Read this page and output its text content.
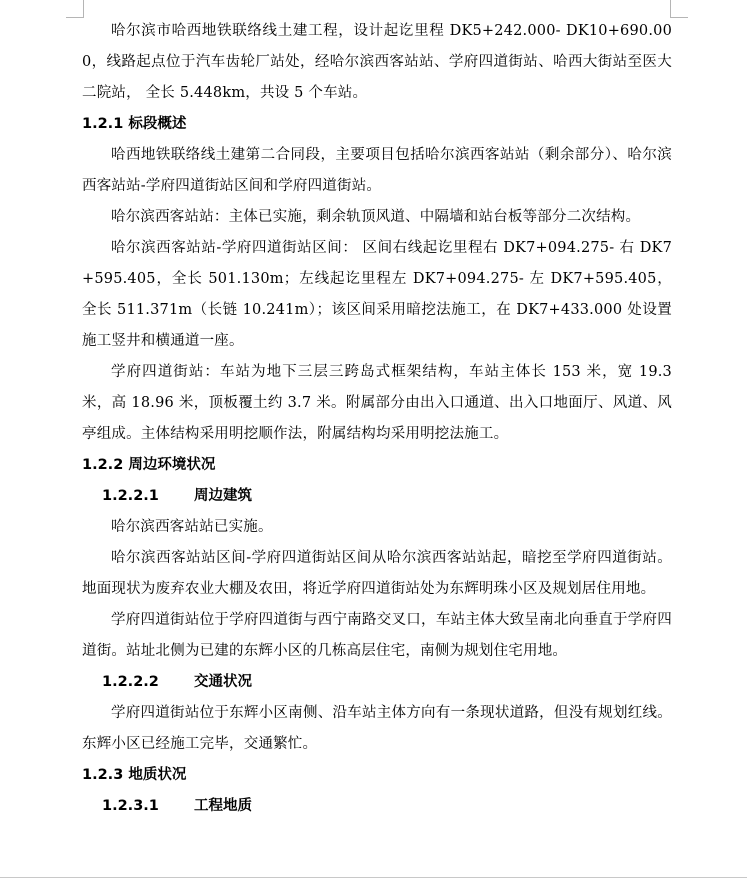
哈尔滨市哈西地铁联络线土建工程，设计起讫里程 DK5+242.000- DK10+690.000，线路起点位于汽车齿轮厂站处，经哈尔滨西客站站、学府四道街站、哈西大街站至医大二院站， 全长 5.448km，共设 5 个车站。

1.2.1 标段概述

哈西地铁联络线土建第二合同段，主要项目包括哈尔滨西客站站（剩余部分）、哈尔滨西客站站-学府四道街站区间和学府四道街站。

哈尔滨西客站站：主体已实施，剩余轨顶风道、中隔墙和站台板等部分二次结构。

哈尔滨西客站站-学府四道街站区间： 区间右线起讫里程右 DK7+094.275- 右 DK7+595.405，全长 501.130m；左线起讫里程左 DK7+094.275- 左 DK7+595.405，全长 511.371m（长链 10.241m）；该区间采用暗挖法施工，在 DK7+433.000 处设置施工竖井和横通道一座。

学府四道街站：车站为地下三层三跨岛式框架结构，车站主体长 153 米，宽 19.3 米，高 18.96 米，顶板覆土约 3.7 米。附属部分由出入口通道、出入口地面厅、风道、风亭组成。主体结构采用明挖顺作法，附属结构均采用明挖法施工。

1.2.2 周边环境状况

1.2.2.1 周边建筑

哈尔滨西客站站已实施。

哈尔滨西客站站区间-学府四道街站区间从哈尔滨西客站站起，暗挖至学府四道街站。地面现状为废弃农业大棚及农田，将近学府四道街站处为东辉明珠小区及规划居住用地。

学府四道街站位于学府四道街与西宁南路交叉口，车站主体大致呈南北向垂直于学府四道街。站址北侧为已建的东辉小区的几栋高层住宅，南侧为规划住宅用地。

1.2.2.2 交通状况

学府四道街站位于东辉小区南侧、沿车站主体方向有一条现状道路，但没有规划红线。东辉小区已经施工完毕，交通繁忙。

1.2.3 地质状况

1.2.3.1 工程地质
